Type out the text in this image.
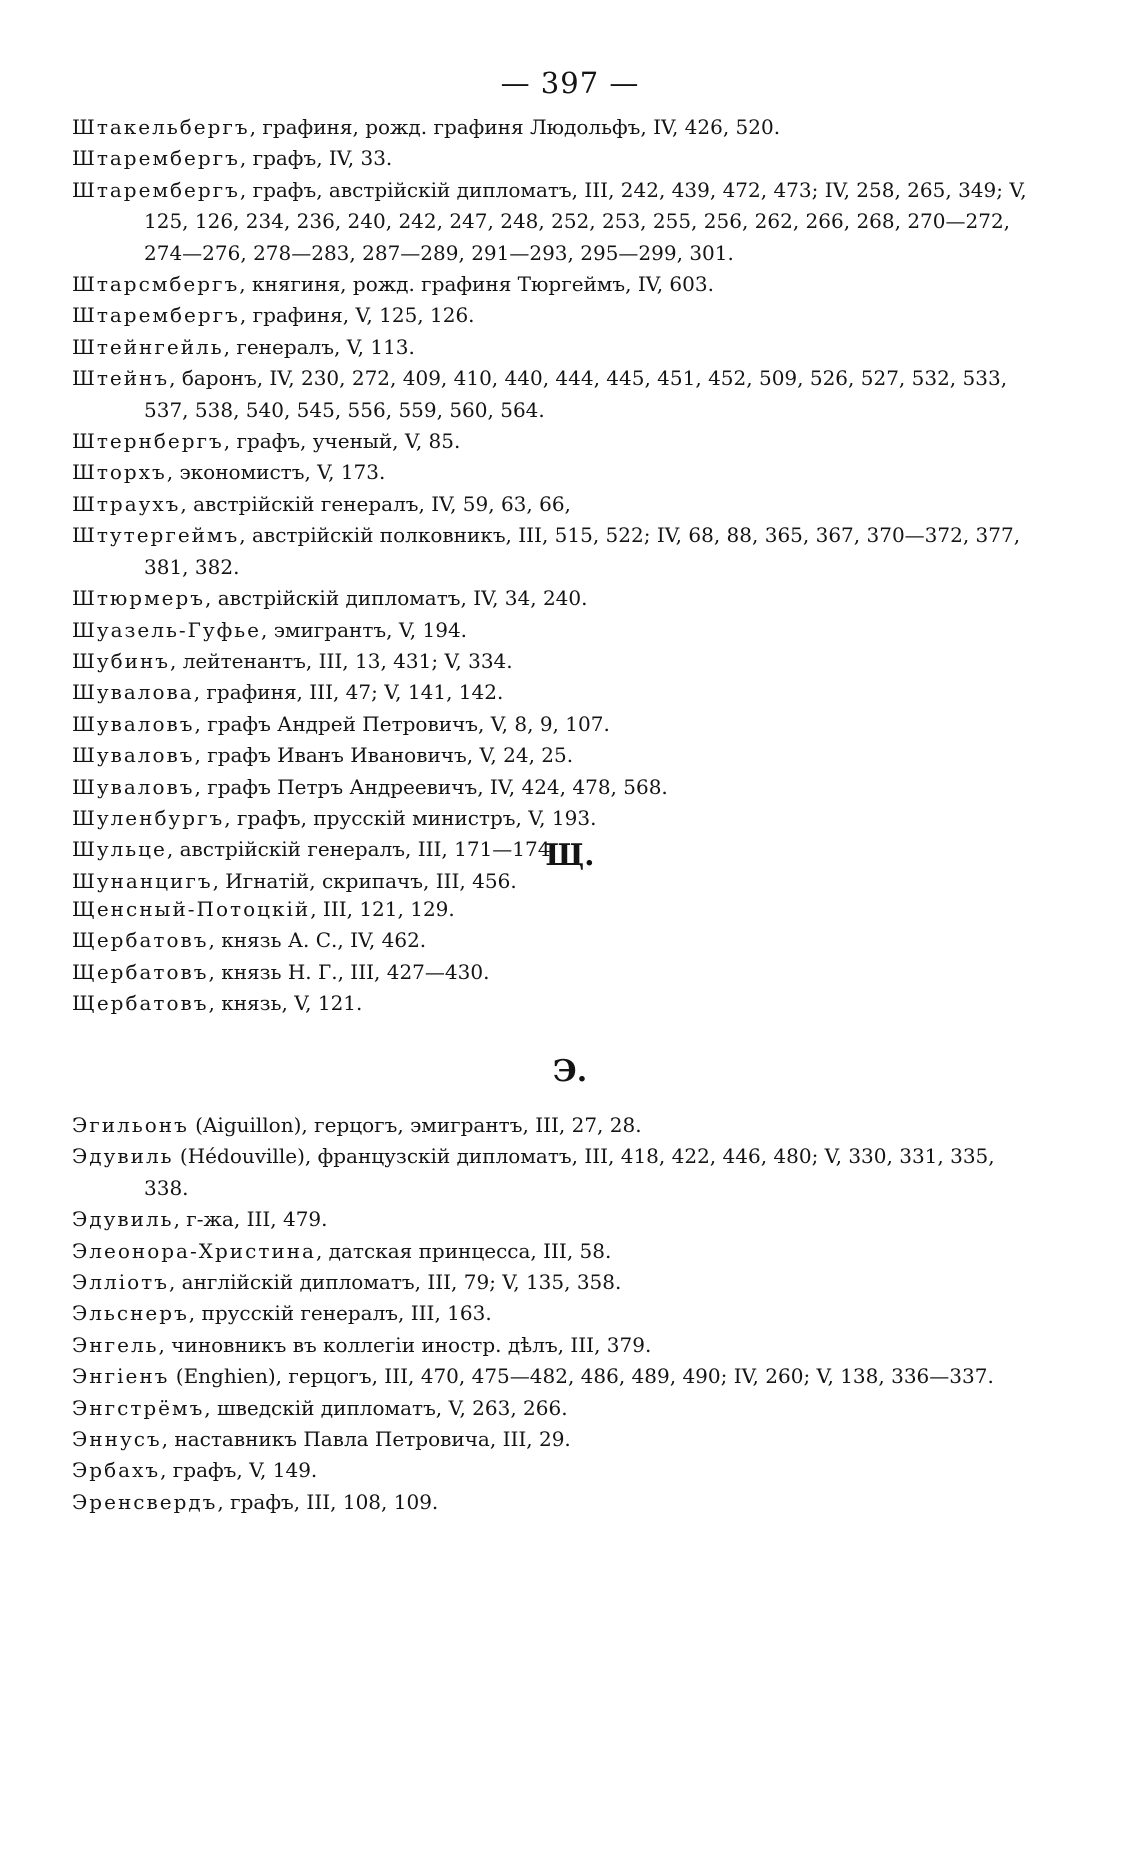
— 397 —
Штакельбергъ, графиня, рожд. графиня Людольфъ, IV, 426, 520.
Штарембергъ, графъ, IV, 33.
Штарембергъ, графъ, австрійскій дипломатъ, III, 242, 439, 472, 473; IV, 258, 265, 349; V, 125, 126, 234, 236, 240, 242, 247, 248, 252, 253, 255, 256, 262, 266, 268, 270—272, 274—276, 278—283, 287—289, 291—293, 295—299, 301.
Штарсмбергъ, княгиня, рожд. графиня Тюргеймъ, IV, 603.
Штарембергъ, графиня, V, 125, 126.
Штейнгейль, генералъ, V, 113.
Штейнъ, баронъ, IV, 230, 272, 409, 410, 440, 444, 445, 451, 452, 509, 526, 527, 532, 533, 537, 538, 540, 545, 556, 559, 560, 564.
Штернбергъ, графъ, ученый, V, 85.
Шторхъ, экономистъ, V, 173.
Штраухъ, австрійскій генералъ, IV, 59, 63, 66,
Штутергеймъ, австрійскій полковникъ, III, 515, 522; IV, 68, 88, 365, 367, 370—372, 377, 381, 382.
Штюрмеръ, австрійскій дипломатъ, IV, 34, 240.
Шуазель-Гуфье, эмигрантъ, V, 194.
Шубинъ, лейтенантъ, III, 13, 431; V, 334.
Шувалова, графиня, III, 47; V, 141, 142.
Шуваловъ, графъ Андрей Петровичъ, V, 8, 9, 107.
Шуваловъ, графъ Иванъ Ивановичъ, V, 24, 25.
Шуваловъ, графъ Петръ Андреевичъ, IV, 424, 478, 568.
Шуленбургъ, графъ, прусскій министръ, V, 193.
Шульце, австрійскій генералъ, III, 171—174.
Шунанцигъ, Игнатій, скрипачъ, III, 456.
Щ.
Щенсный-Потоцкій, III, 121, 129.
Щербатовъ, князь А. С., IV, 462.
Щербатовъ, князь Н. Г., III, 427—430.
Щербатовъ, князь, V, 121.
Э.
Эгильонъ (Aiguillon), герцогъ, эмигрантъ, III, 27, 28.
Эдувиль (Hédouville), французскій дипломатъ, III, 418, 422, 446, 480; V, 330, 331, 335, 338.
Эдувиль, г-жа, III, 479.
Элеонора-Христина, датская принцесса, III, 58.
Эллiотъ, англійскій дипломатъ, III, 79; V, 135, 358.
Эльснеръ, прусскій генералъ, III, 163.
Энгель, чиновникъ въ коллегіи иностр. дѣлъ, III, 379.
Энгіенъ (Enghien), герцогъ, III, 470, 475—482, 486, 489, 490; IV, 260; V, 138, 336—337.
Энгстрёмъ, шведскій дипломатъ, V, 263, 266.
Эннусъ, наставникъ Павла Петровича, III, 29.
Эрбахъ, графъ, V, 149.
Эренсвердъ, графъ, III, 108, 109.
